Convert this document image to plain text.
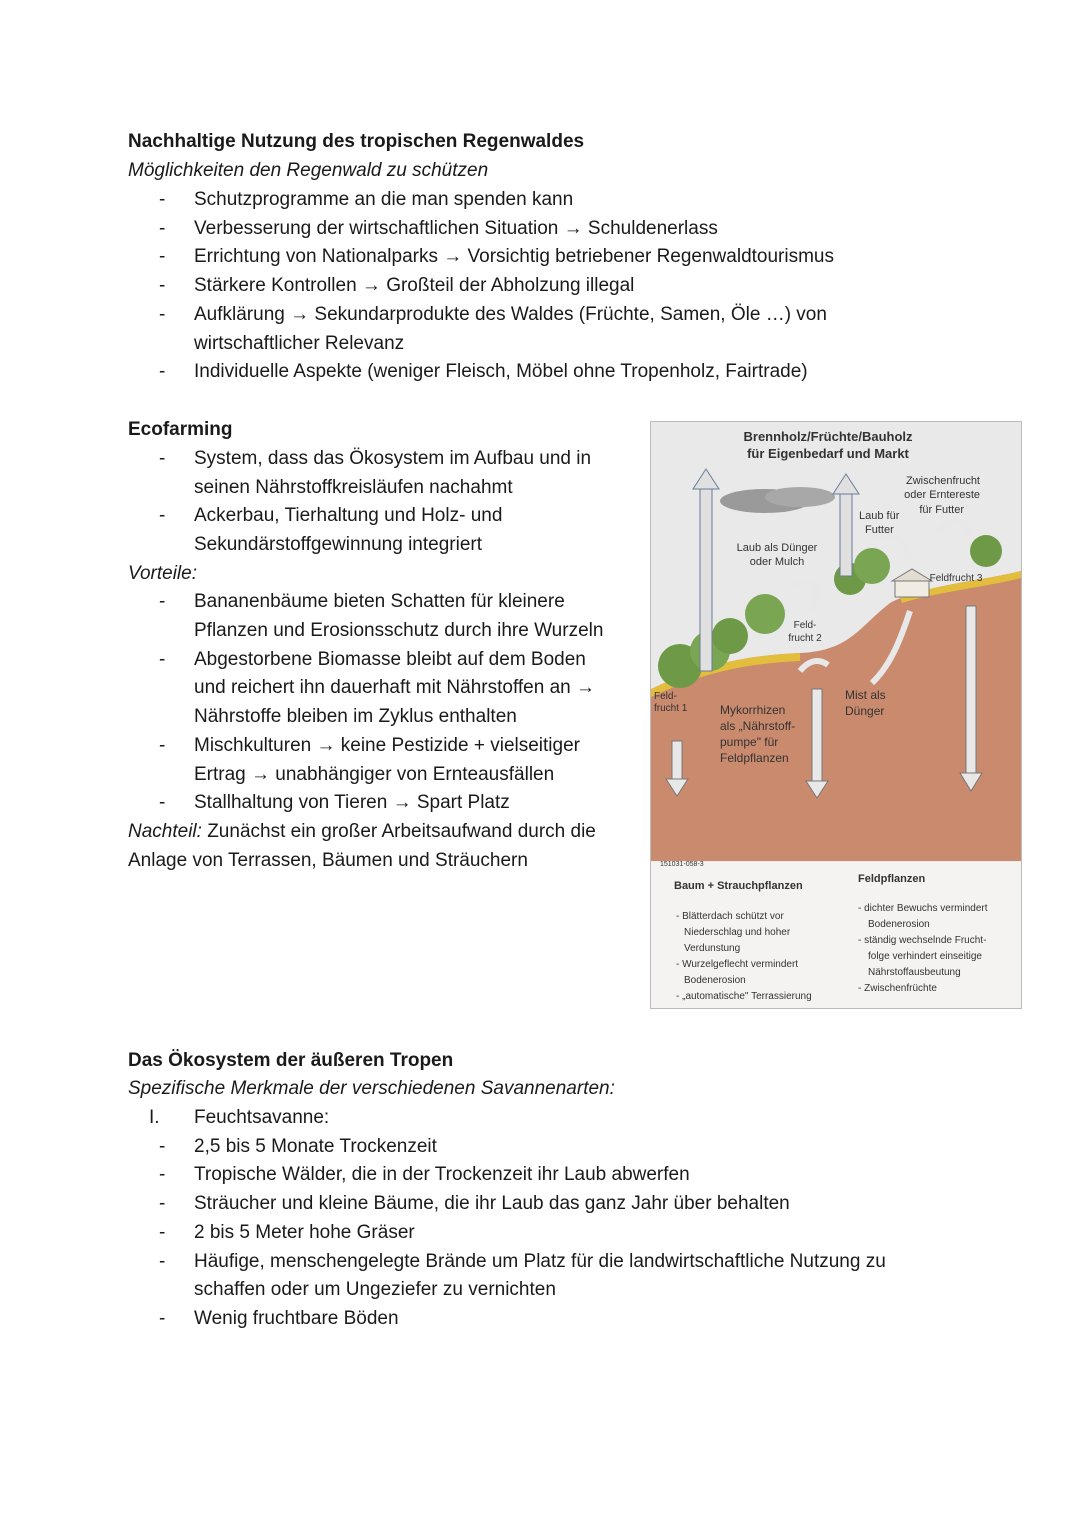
Nachhaltige Nutzung des tropischen Regenwaldes
Möglichkeiten den Regenwald zu schützen
- Schutzprogramme an die man spenden kann
- Verbesserung der wirtschaftlichen Situation → Schuldenerlass
- Errichtung von Nationalparks → Vorsichtig betriebener Regenwaldtourismus
- Stärkere Kontrollen → Großteil der Abholzung illegal
- Aufklärung → Sekundarprodukte des Waldes (Früchte, Samen, Öle …) von
wirtschaftlicher Relevanz
- Individuelle Aspekte (weniger Fleisch, Möbel ohne Tropenholz, Fairtrade)
Ecofarming
- System, dass das Ökosystem im Aufbau und in
seinen Nährstoffkreisläufen nachahmt
- Ackerbau, Tierhaltung und Holz- und
Sekundärstoffgewinnung integriert
Vorteile:
- Bananenbäume bieten Schatten für kleinere
Pflanzen und Erosionsschutz durch ihre Wurzeln
- Abgestorbene Biomasse bleibt auf dem Boden
und reichert ihn dauerhaft mit Nährstoffen an →
Nährstoffe bleiben im Zyklus enthalten
- Mischkulturen → keine Pestizide + vielseitiger
Ertrag → unabhängiger von Ernteausfällen
- Stallhaltung von Tieren → Spart Platz
Nachteil: Zunächst ein großer Arbeitsaufwand durch die
Anlage von Terrassen, Bäumen und Sträuchern
Brennholz/Früchte/Bauholz
für Eigenbedarf und Markt
Zwischenfrucht
oder Erntereste
für Futter
Laub für
Futter
Laub als Dünger
oder Mulch
Feldfrucht 3
Feld-
frucht 2
Feld-
frucht 1
Mist als
Dünger
Mykorrhizen
als „Nährstoff-
pumpe" für
Feldpflanzen
151031-058-3
Baum + Strauchpflanzen
Feldpflanzen
- Blätterdach schützt vor
Niederschlag und hoher
Verdunstung
- Wurzelgeflecht vermindert
Bodenerosion
- „automatische" Terrassierung
- dichter Bewuchs vermindert
Bodenerosion
- ständig wechselnde Frucht-
folge verhindert einseitige
Nährstoffausbeutung
- Zwischenfrüchte
Das Ökosystem der äußeren Tropen
Spezifische Merkmale der verschiedenen Savannenarten:
I. Feuchtsavanne:
- 2,5 bis 5 Monate Trockenzeit
- Tropische Wälder, die in der Trockenzeit ihr Laub abwerfen
- Sträucher und kleine Bäume, die ihr Laub das ganz Jahr über behalten
- 2 bis 5 Meter hohe Gräser
- Häufige, menschengelegte Brände um Platz für die landwirtschaftliche Nutzung zu
schaffen oder um Ungeziefer zu vernichten
- Wenig fruchtbare Böden
